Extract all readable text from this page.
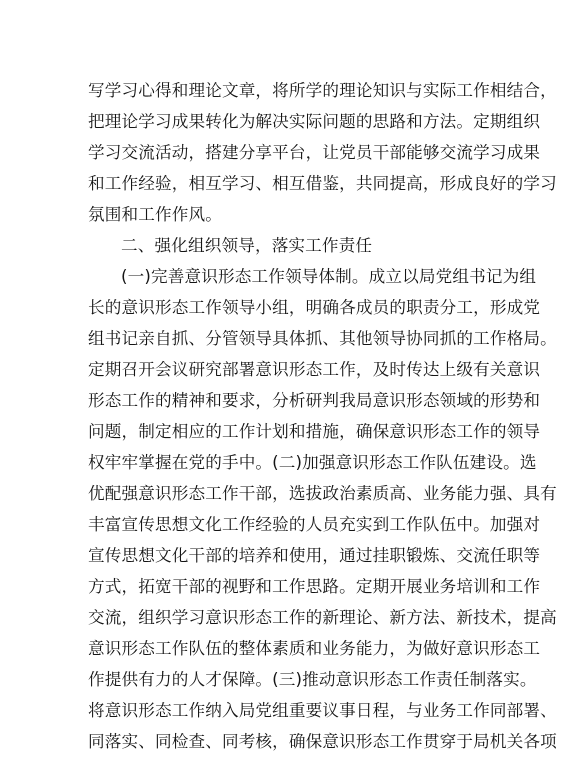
写学习心得和理论文章，将所学的理论知识与实际工作相结合，
把理论学习成果转化为解决实际问题的思路和方法。定期组织
学习交流活动，搭建分享平台，让党员干部能够交流学习成果
和工作经验，相互学习、相互借鉴，共同提高，形成良好的学习
氛围和工作作风。
二、强化组织领导，落实工作责任
(一)完善意识形态工作领导体制。成立以局党组书记为组
长的意识形态工作领导小组，明确各成员的职责分工，形成党
组书记亲自抓、分管领导具体抓、其他领导协同抓的工作格局。
定期召开会议研究部署意识形态工作，及时传达上级有关意识
形态工作的精神和要求，分析研判我局意识形态领域的形势和
问题，制定相应的工作计划和措施，确保意识形态工作的领导
权牢牢掌握在党的手中。(二)加强意识形态工作队伍建设。选
优配强意识形态工作干部，选拔政治素质高、业务能力强、具有
丰富宣传思想文化工作经验的人员充实到工作队伍中。加强对
宣传思想文化干部的培养和使用，通过挂职锻炼、交流任职等
方式，拓宽干部的视野和工作思路。定期开展业务培训和工作
交流，组织学习意识形态工作的新理论、新方法、新技术，提高
意识形态工作队伍的整体素质和业务能力，为做好意识形态工
作提供有力的人才保障。(三)推动意识形态工作责任制落实。
将意识形态工作纳入局党组重要议事日程，与业务工作同部署、
同落实、同检查、同考核，确保意识形态工作贯穿于局机关各项
